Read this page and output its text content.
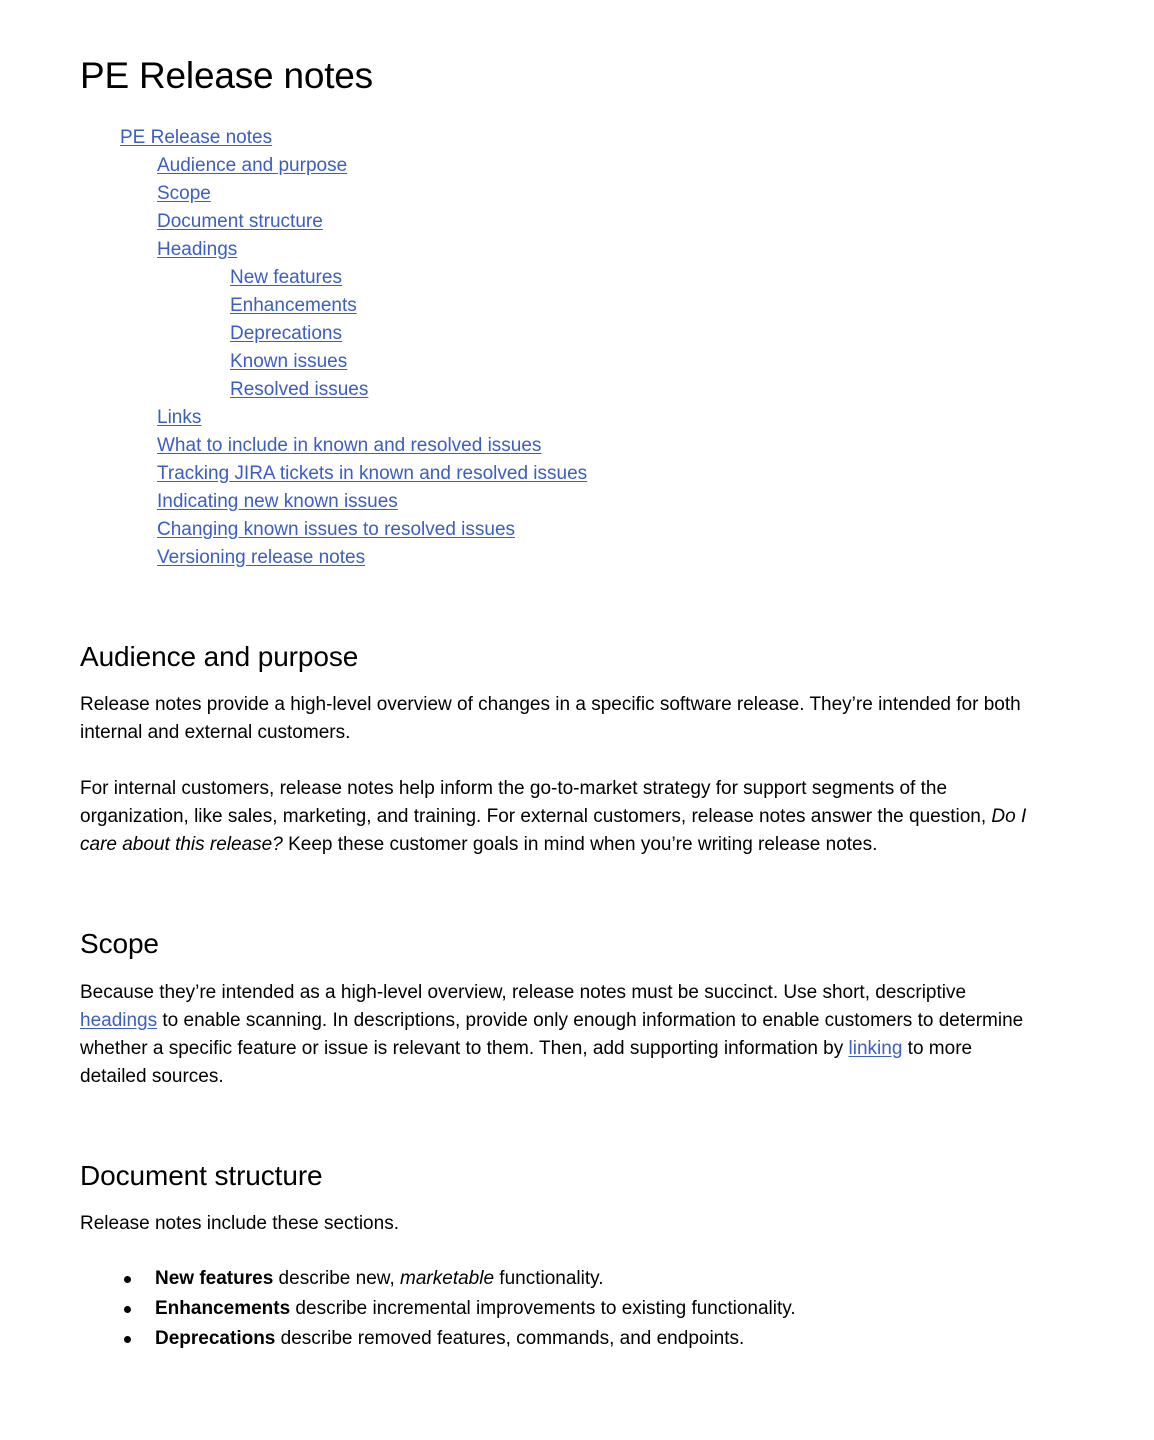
PE Release notes
PE Release notes
Audience and purpose
Scope
Document structure
Headings
New features
Enhancements
Deprecations
Known issues
Resolved issues
Links
What to include in known and resolved issues
Tracking JIRA tickets in known and resolved issues
Indicating new known issues
Changing known issues to resolved issues
Versioning release notes
Audience and purpose

Release notes provide a high-level overview of changes in a specific software release. They’re intended for both internal and external customers.

For internal customers, release notes help inform the go-to-market strategy for support segments of the organization, like sales, marketing, and training. For external customers, release notes answer the question, Do I care about this release? Keep these customer goals in mind when you’re writing release notes.

Scope

Because they’re intended as a high-level overview, release notes must be succinct. Use short, descriptive headings to enable scanning. In descriptions, provide only enough information to enable customers to determine whether a specific feature or issue is relevant to them. Then, add supporting information by linking to more detailed sources.

Document structure

Release notes include these sections.

New features describe new, marketable functionality.
Enhancements describe incremental improvements to existing functionality.
Deprecations describe removed features, commands, and endpoints.
